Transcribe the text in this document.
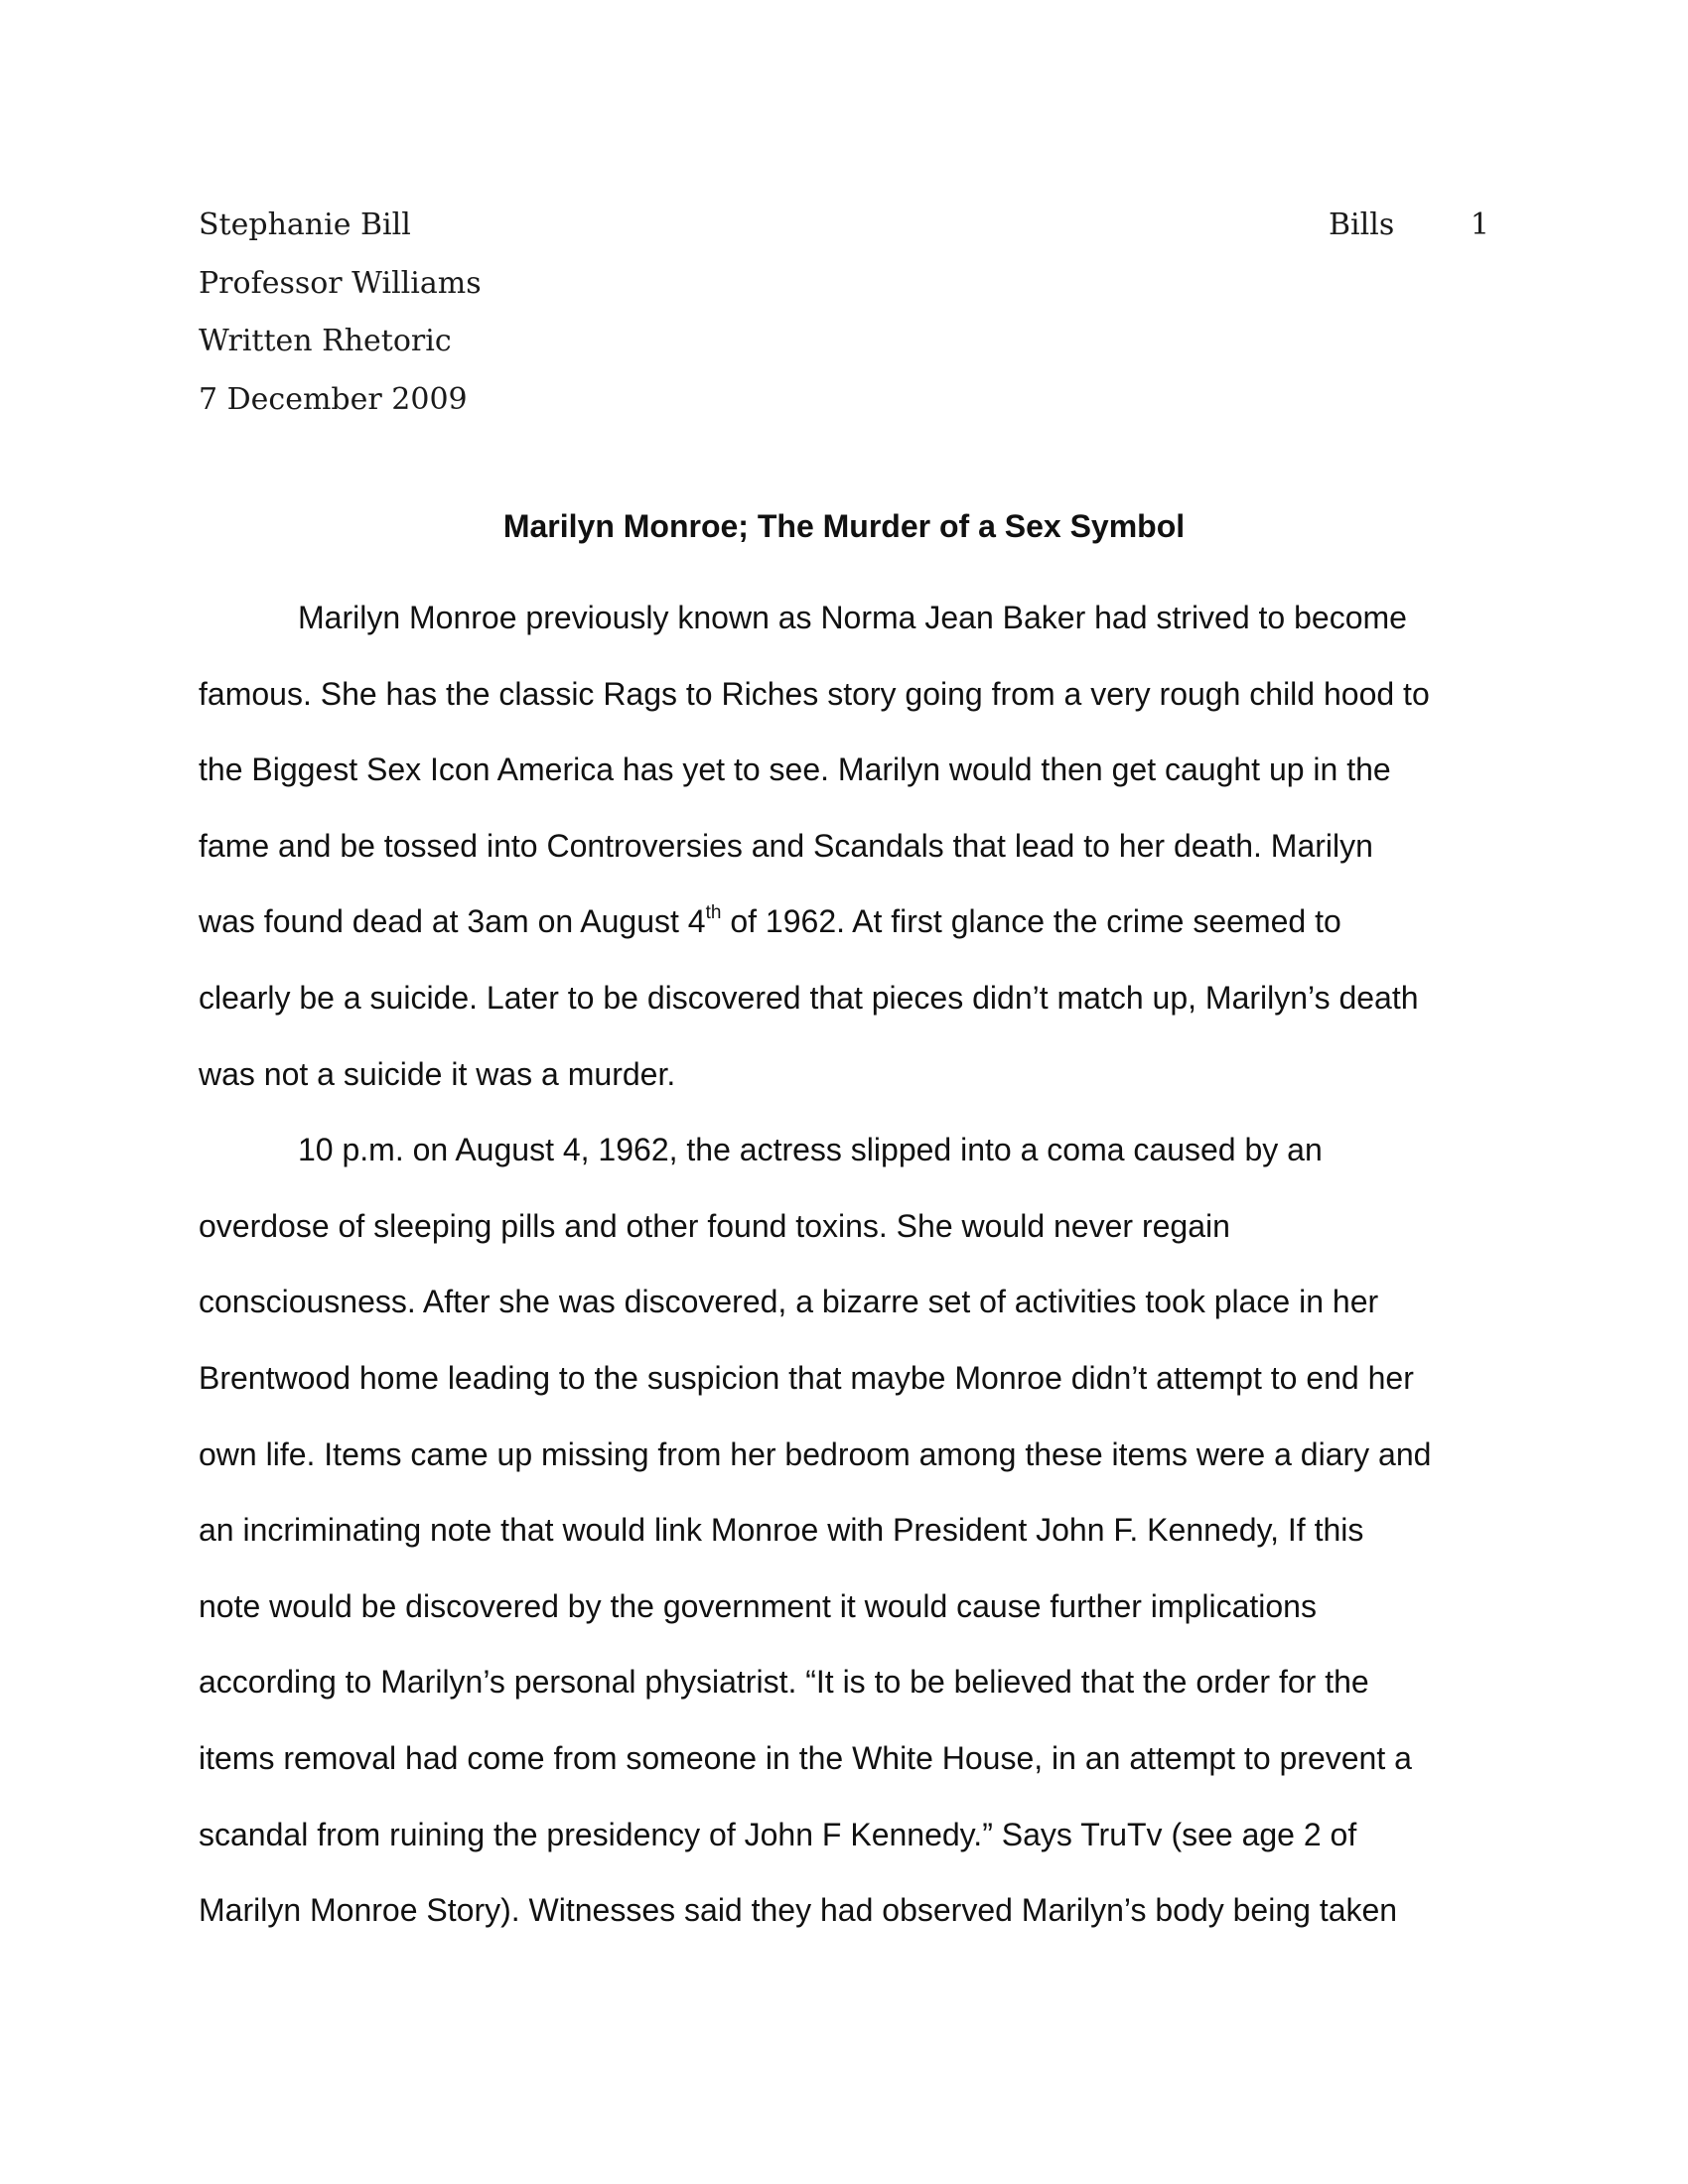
Stephanie Bill
Professor Williams
Written Rhetoric
7 December 2009
Bills	1
Marilyn Monroe; The Murder of a Sex Symbol
Marilyn Monroe previously known as Norma Jean Baker had strived to become
famous. She has the classic Rags to Riches story going from a very rough child hood to
the Biggest Sex Icon America has yet to see. Marilyn would then get caught up in the
fame and be tossed into Controversies and Scandals that lead to her death. Marilyn
was found dead at 3am on August 4th of 1962. At first glance the crime seemed to
clearly be a suicide. Later to be discovered that pieces didn’t match up, Marilyn’s death
was not a suicide it was a murder.
10 p.m. on August 4, 1962, the actress slipped into a coma caused by an
overdose of sleeping pills and other found toxins. She would never regain
consciousness. After she was discovered, a bizarre set of activities took place in her
Brentwood home leading to the suspicion that maybe Monroe didn’t attempt to end her
own life. Items came up missing from her bedroom among these items were a diary and
an incriminating note that would link Monroe with President John F. Kennedy, If this
note would be discovered by the government it would cause further implications
according to Marilyn’s personal physiatrist. “It is to be believed that the order for the
items removal had come from someone in the White House, in an attempt to prevent a
scandal from ruining the presidency of John F Kennedy.” Says TruTv (see age 2 of
Marilyn Monroe Story). Witnesses said they had observed Marilyn’s body being taken
